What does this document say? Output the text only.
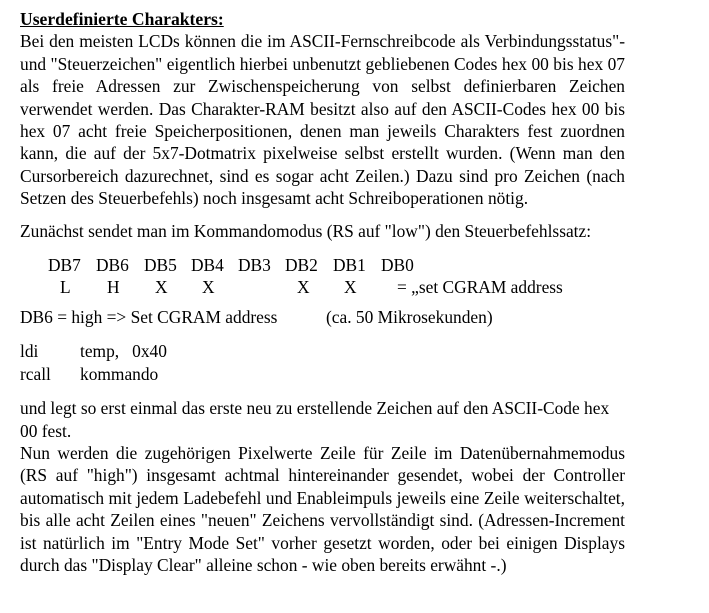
Userdefinierte Charakters:

Bei den meisten LCDs können die im ASCII-Fernschreibcode als Verbindungsstatus"- und "Steuerzeichen" eigentlich hierbei unbenutzt gebliebenen Codes hex 00 bis hex 07 als freie Adressen zur Zwischenspeicherung von selbst definierbaren Zeichen verwendet werden. Das Charakter-RAM besitzt also auf den ASCII-Codes hex 00 bis hex 07 acht freie Speicherpositionen, denen man jeweils Charakters fest zuordnen kann, die auf der 5x7-Dotmatrix pixelweise selbst erstellt wurden. (Wenn man den Cursorbereich dazurechnet, sind es sogar acht Zeilen.) Dazu sind pro Zeichen (nach Setzen des Steuerbefehls) noch insgesamt acht Schreiboperationen nötig.

Zunächst sendet man im Kommandomodus (RS auf "low") den Steuerbefehlssatz:

DB7 DB6 DB5 DB4 DB3 DB2 DB1 DB0
L H X X	X X = „set CGRAM address
DB6 = high => Set CGRAM address	(ca. 50 Mikrosekunden)
ldi temp,   0x40
rcall kommando

und legt so erst einmal das erste neu zu erstellende Zeichen auf den ASCII-Code hex 00 fest.

Nun werden die zugehörigen Pixelwerte Zeile für Zeile im Datenübernahmemodus (RS auf "high") insgesamt achtmal hintereinander gesendet, wobei der Controller automatisch mit jedem Ladebefehl und Enableimpuls jeweils eine Zeile weiterschaltet, bis alle acht Zeilen eines "neuen" Zeichens vervollständigt sind. (Adressen-Increment ist natürlich im "Entry Mode Set" vorher gesetzt worden, oder bei einigen Displays durch das "Display Clear" alleine schon - wie oben bereits erwähnt -.)
